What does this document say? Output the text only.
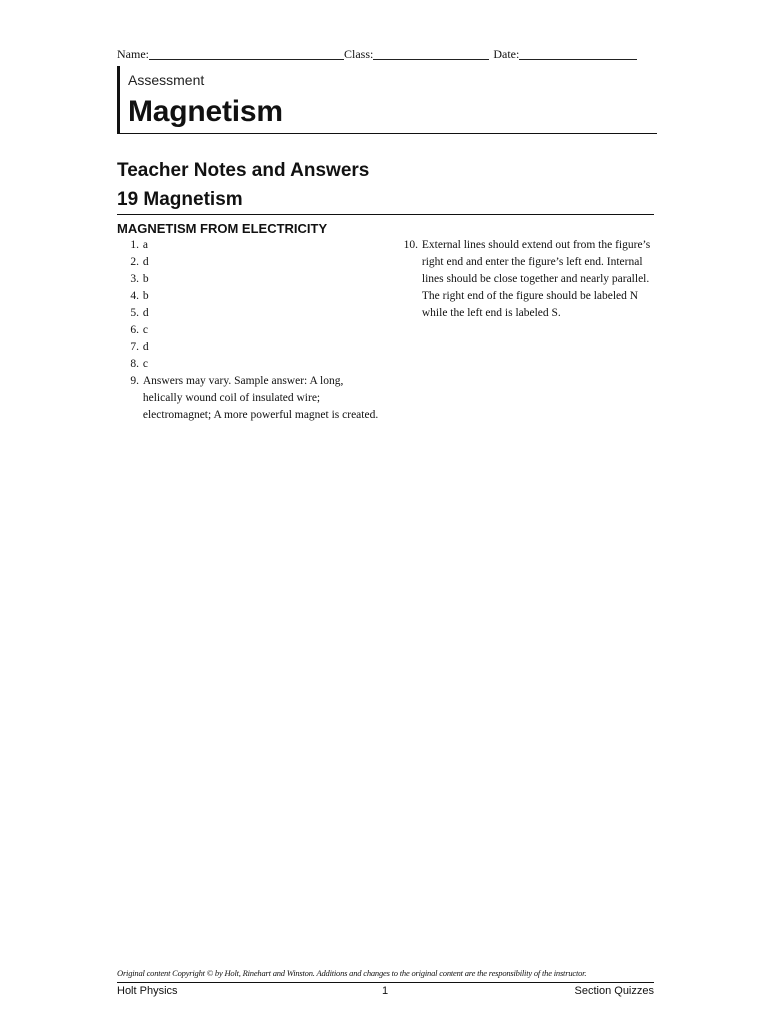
Name:	Class:	Date:
Assessment
Magnetism
Teacher Notes and Answers
19 Magnetism
MAGNETISM FROM ELECTRICITY
1.
a
2.
d
3.
b
4.
b
5.
d
6.
c
7.
d
8.
c
9.
Answers may vary. Sample answer: A long, helically wound coil of insulated wire; electromagnet; A more powerful magnet is created.
10.
External lines should extend out from the figure’s right end and enter the figure’s left end. Internal lines should be close together and nearly parallel. The right end of the figure should be labeled N while the left end is labeled S.
Original content Copyright © by Holt, Rinehart and Winston. Additions and changes to the original content are the responsibility of the instructor.
Holt Physics	1	Section Quizzes
